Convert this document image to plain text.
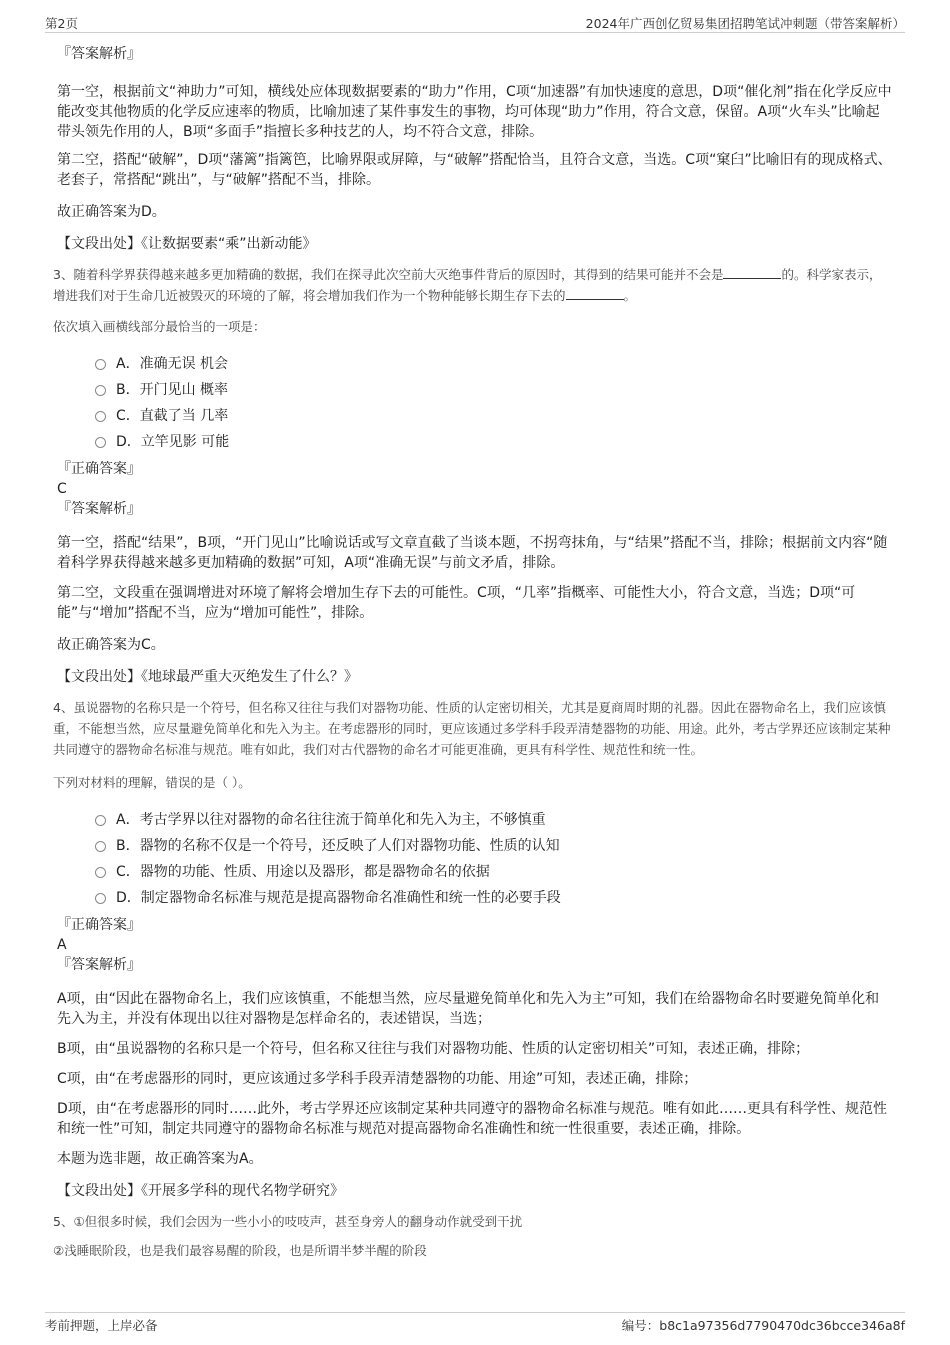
第2页	2024年广西创亿贸易集团招聘笔试冲刺题（带答案解析）

『答案解析』

第一空，根据前文“神助力”可知，横线处应体现数据要素的“助力”作用，C项“加速器”有加快速度的意思，D项“催化剂”指在化学反应中能改变其他物质的化学反应速率的物质，比喻加速了某件事发生的事物，均可体现“助力”作用，符合文意，保留。A项“火车头”比喻起带头领先作用的人，B项“多面手”指擅长多种技艺的人，均不符合文意，排除。

第二空，搭配“破解”，D项“藩篱”指篱笆，比喻界限或屏障，与“破解”搭配恰当，且符合文意，当选。C项“窠臼”比喻旧有的现成格式、老套子，常搭配“跳出”，与“破解”搭配不当，排除。

故正确答案为D。

【文段出处】《让数据要素“乘”出新动能》

3、随着科学界获得越来越多更加精确的数据，我们在探寻此次空前大灭绝事件背后的原因时，其得到的结果可能并不会是	的。科学家表示，增进我们对于生命几近被毁灭的环境的了解，将会增加我们作为一个物种能够长期生存下去的	。

依次填入画横线部分最恰当的一项是：

A．准确无误 机会
B．开门见山 概率
C．直截了当 几率
D．立竿见影 可能

『正确答案』

C

『答案解析』

第一空，搭配“结果”，B项，“开门见山”比喻说话或写文章直截了当谈本题，不拐弯抹角，与“结果”搭配不当，排除；根据前文内容“随着科学界获得越来越多更加精确的数据”可知，A项“准确无误”与前文矛盾，排除。

第二空，文段重在强调增进对环境了解将会增加生存下去的可能性。C项，“几率”指概率、可能性大小，符合文意，当选；D项“可能”与“增加”搭配不当，应为“增加可能性”，排除。

故正确答案为C。

【文段出处】《地球最严重大灭绝发生了什么？》

4、虽说器物的名称只是一个符号，但名称又往往与我们对器物功能、性质的认定密切相关，尤其是夏商周时期的礼器。因此在器物命名上，我们应该慎重，不能想当然，应尽量避免简单化和先入为主。在考虑器形的同时，更应该通过多学科手段弄清楚器物的功能、用途。此外，考古学界还应该制定某种共同遵守的器物命名标准与规范。唯有如此，我们对古代器物的命名才可能更准确，更具有科学性、规范性和统一性。

下列对材料的理解，错误的是（ ）。

A．考古学界以往对器物的命名往往流于简单化和先入为主，不够慎重
B．器物的名称不仅是一个符号，还反映了人们对器物功能、性质的认知
C．器物的功能、性质、用途以及器形，都是器物命名的依据
D．制定器物命名标准与规范是提高器物命名准确性和统一性的必要手段

『正确答案』

A

『答案解析』

A项，由“因此在器物命名上，我们应该慎重，不能想当然，应尽量避免简单化和先入为主”可知，我们在给器物命名时要避免简单化和先入为主，并没有体现出以往对器物是怎样命名的，表述错误，当选；

B项，由“虽说器物的名称只是一个符号，但名称又往往与我们对器物功能、性质的认定密切相关”可知，表述正确，排除；

C项，由“在考虑器形的同时，更应该通过多学科手段弄清楚器物的功能、用途”可知，表述正确，排除；

D项，由“在考虑器形的同时……此外，考古学界还应该制定某种共同遵守的器物命名标准与规范。唯有如此……更具有科学性、规范性和统一性”可知，制定共同遵守的器物命名标准与规范对提高器物命名准确性和统一性很重要，表述正确，排除。

本题为选非题，故正确答案为A。

【文段出处】《开展多学科的现代名物学研究》

5、①但很多时候，我们会因为一些小小的吱吱声，甚至身旁人的翻身动作就受到干扰

②浅睡眠阶段，也是我们最容易醒的阶段，也是所谓半梦半醒的阶段

考前押题，上岸必备	编号：b8c1a97356d7790470dc36bcce346a8f
